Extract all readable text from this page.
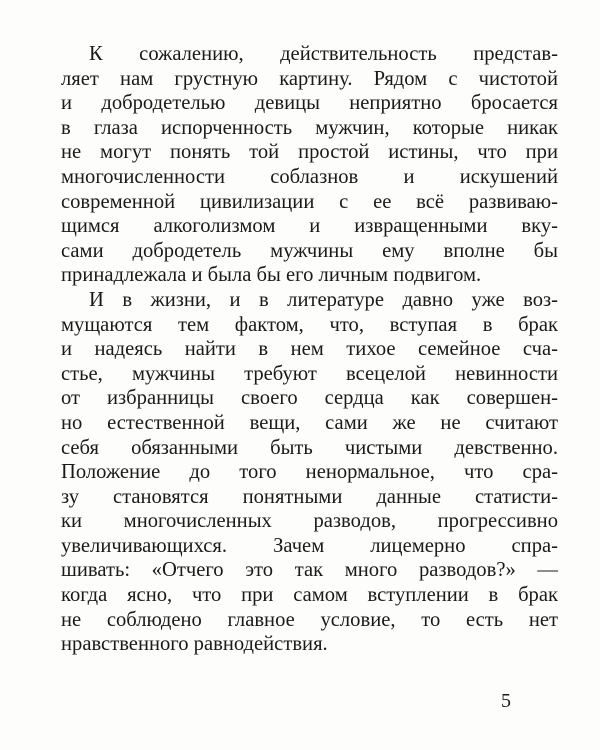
К сожалению, действительность представ-
ляет нам грустную картину. Рядом с чистотой
и добродетелью девицы неприятно бросается
в глаза испорченность мужчин, которые никак
не могут понять той простой истины, что при
многочисленности соблазнов и искушений
современной цивилизации с ее всё развиваю-
щимся алкоголизмом и извращенными вку-
сами добродетель мужчины ему вполне бы
принадлежала и была бы его личным подвигом.
И в жизни, и в литературе давно уже воз-
мущаются тем фактом, что, вступая в брак
и надеясь найти в нем тихое семейное сча-
стье, мужчины требуют всецелой невинности
от избранницы своего сердца как совершен-
но естественной вещи, сами же не считают
себя обязанными быть чистыми девственно.
Положение до того ненормальное, что сра-
зу становятся понятными данные статисти-
ки многочисленных разводов, прогрессивно
увеличивающихся. Зачем лицемерно спра-
шивать: «Отчего это так много разводов?» —
когда ясно, что при самом вступлении в брак
не соблюдено главное условие, то есть нет
нравственного равнодействия.
5
